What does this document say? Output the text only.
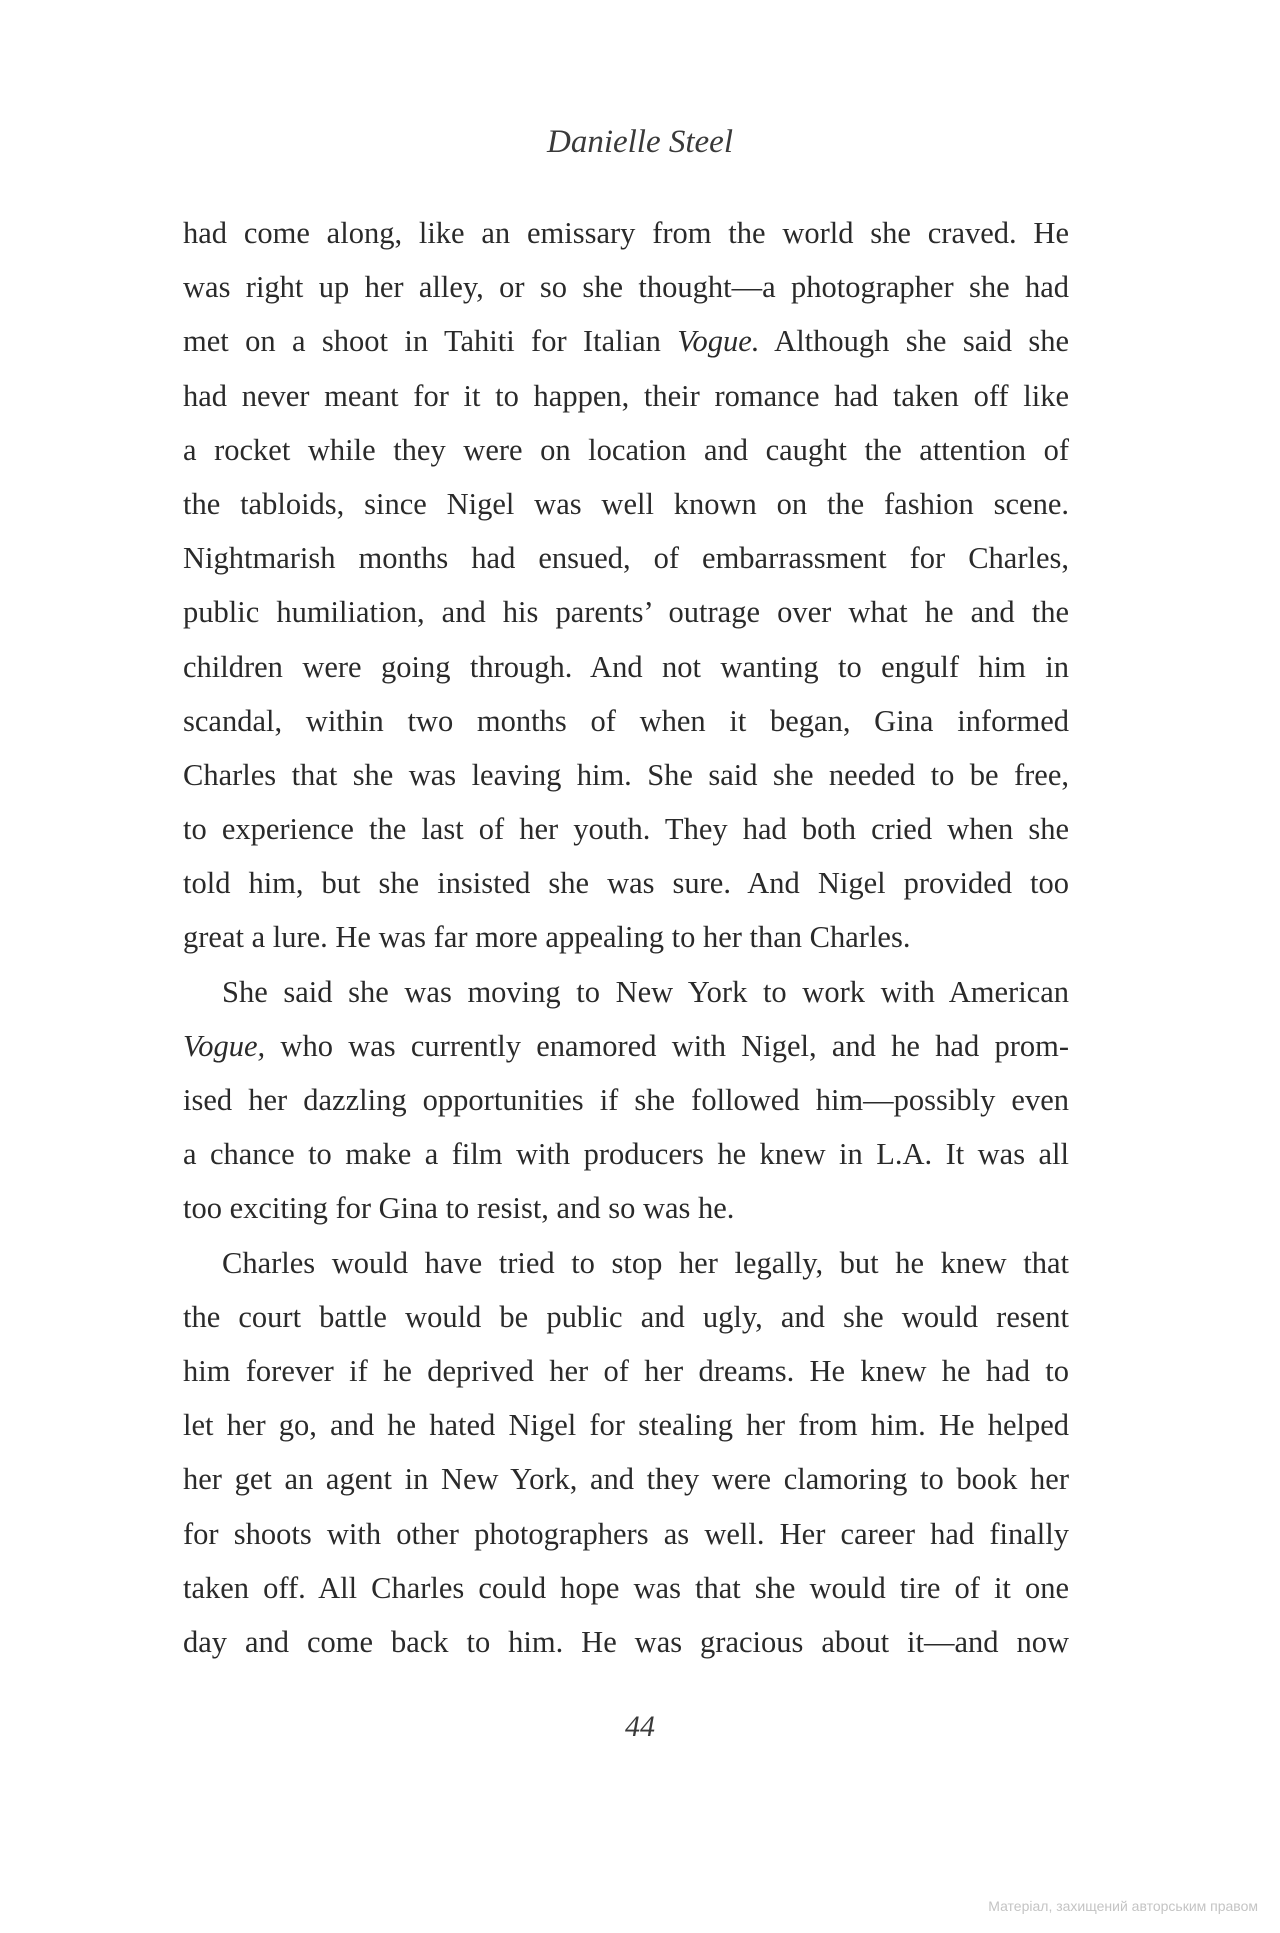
Danielle Steel
had come along, like an emissary from the world she craved. He
was right up her alley, or so she thought—a photographer she had
met on a shoot in Tahiti for Italian Vogue. Although she said she
had never meant for it to happen, their romance had taken off like
a rocket while they were on location and caught the attention of
the tabloids, since Nigel was well known on the fashion scene.
Nightmarish months had ensued, of embarrassment for Charles,
public humiliation, and his parents’ outrage over what he and the
children were going through. And not wanting to engulf him in
scandal, within two months of when it began, Gina informed
Charles that she was leaving him. She said she needed to be free,
to experience the last of her youth. They had both cried when she
told him, but she insisted she was sure. And Nigel provided too
great a lure. He was far more appealing to her than Charles.
She said she was moving to New York to work with American
Vogue, who was currently enamored with Nigel, and he had prom-
ised her dazzling opportunities if she followed him—possibly even
a chance to make a film with producers he knew in L.A. It was all
too exciting for Gina to resist, and so was he.
Charles would have tried to stop her legally, but he knew that
the court battle would be public and ugly, and she would resent
him forever if he deprived her of her dreams. He knew he had to
let her go, and he hated Nigel for stealing her from him. He helped
her get an agent in New York, and they were clamoring to book her
for shoots with other photographers as well. Her career had finally
taken off. All Charles could hope was that she would tire of it one
day and come back to him. He was gracious about it—and now
44
Матеріал, захищений авторським правом
